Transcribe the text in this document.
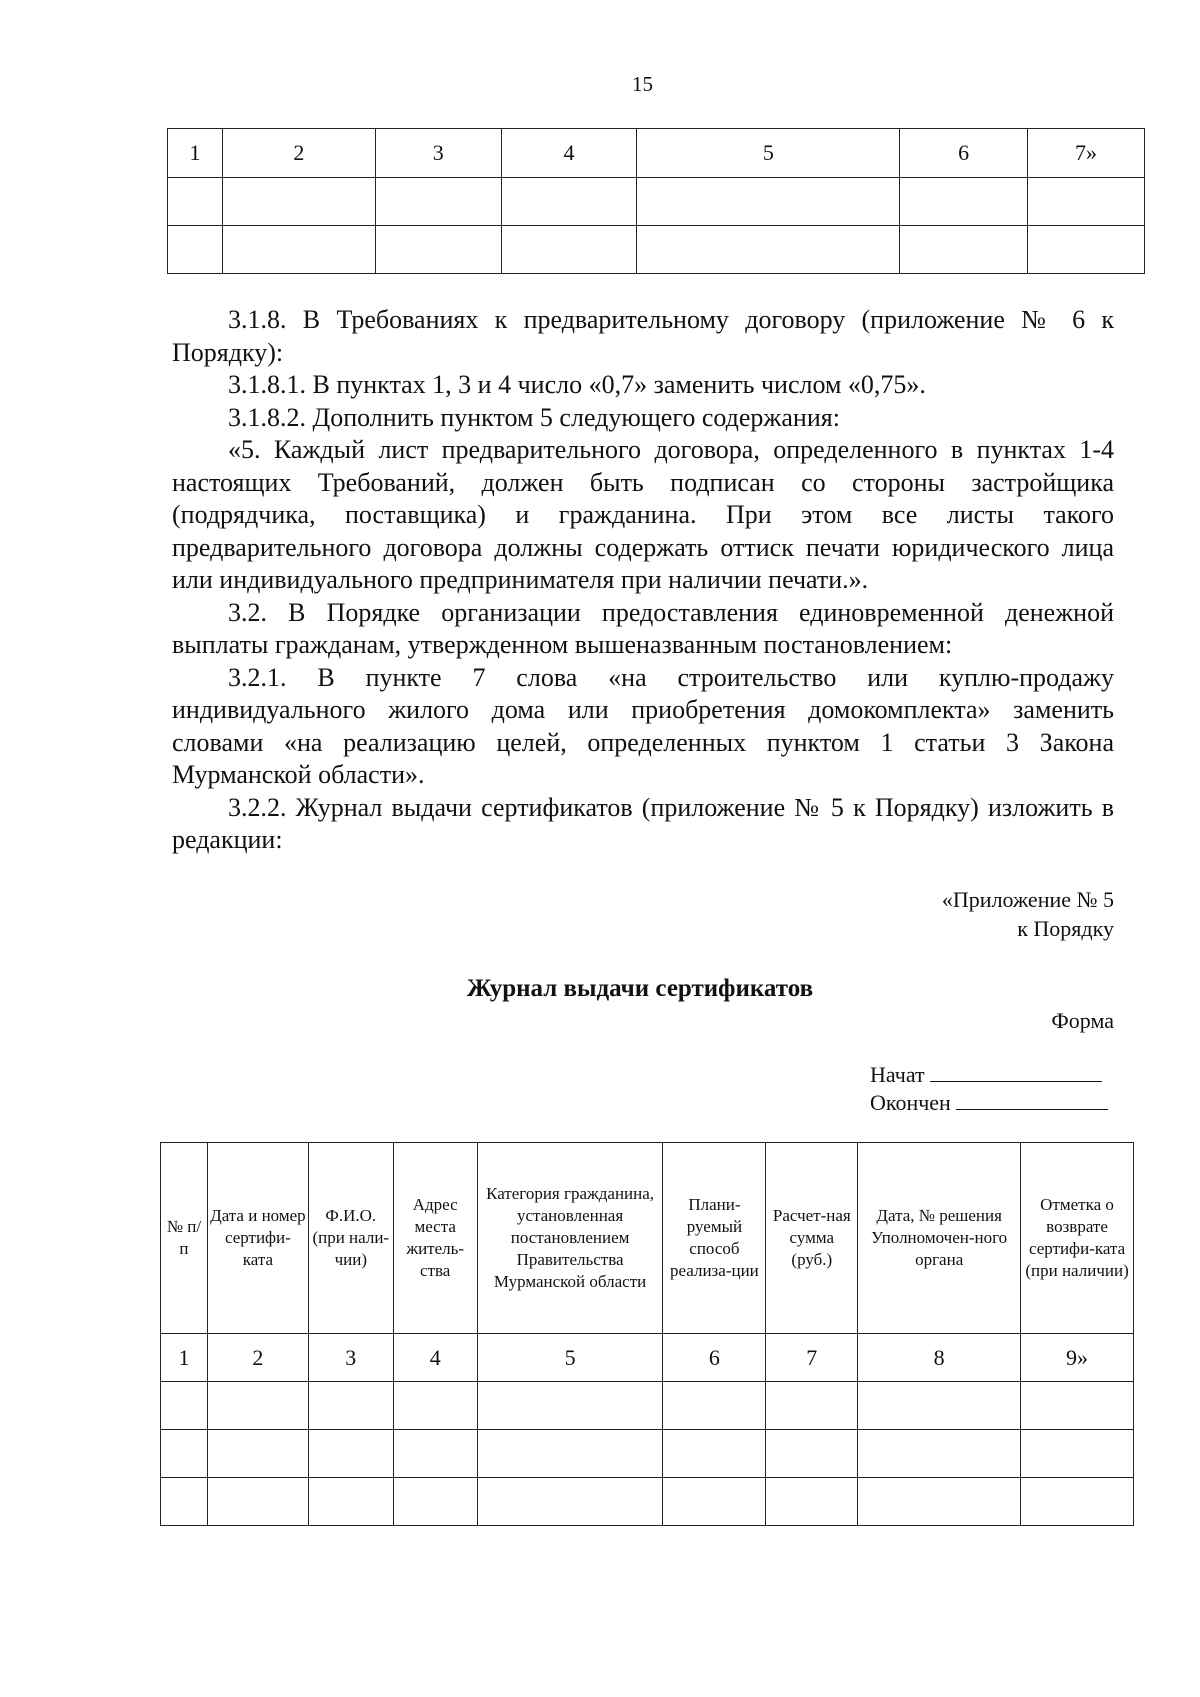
15
1	2	3	4	5	6	7»

3.1.8. В Требованиях к предварительному договору (приложение № 6 к Порядку):

3.1.8.1. В пунктах 1, 3 и 4 число «0,7» заменить числом «0,75».

3.1.8.2. Дополнить пунктом 5 следующего содержания:

«5. Каждый лист предварительного договора, определенного в пунктах 1-4 настоящих Требований, должен быть подписан со стороны застройщика (подрядчика, поставщика) и гражданина. При этом все листы такого предварительного договора должны содержать оттиск печати юридического лица или индивидуального предпринимателя при наличии печати.».

3.2. В Порядке организации предоставления единовременной денежной выплаты гражданам, утвержденном вышеназванным постановлением:

3.2.1. В пункте 7 слова «на строительство или куплю-продажу индивидуального жилого дома или приобретения домокомплекта» заменить словами «на реализацию целей, определенных пунктом 1 статьи 3 Закона Мурманской области».

3.2.2. Журнал выдачи сертификатов (приложение № 5 к Порядку) изложить в редакции:

«Приложение № 5
к Порядку
Журнал выдачи сертификатов
Форма
Начат
Окончен
№ п/п	Дата и номер сертифи-ката	Ф.И.О. (при нали-чии)	Адрес места житель-ства	Категория гражданина, установленная постановлением Правительства Мурманской области	Плани-руемый способ реализа-ции	Расчет-ная сумма (руб.)	Дата, № решения Уполномочен-ного органа	Отметка о возврате сертифи-ката (при наличии)
1	2	3	4	5	6	7	8	9»
